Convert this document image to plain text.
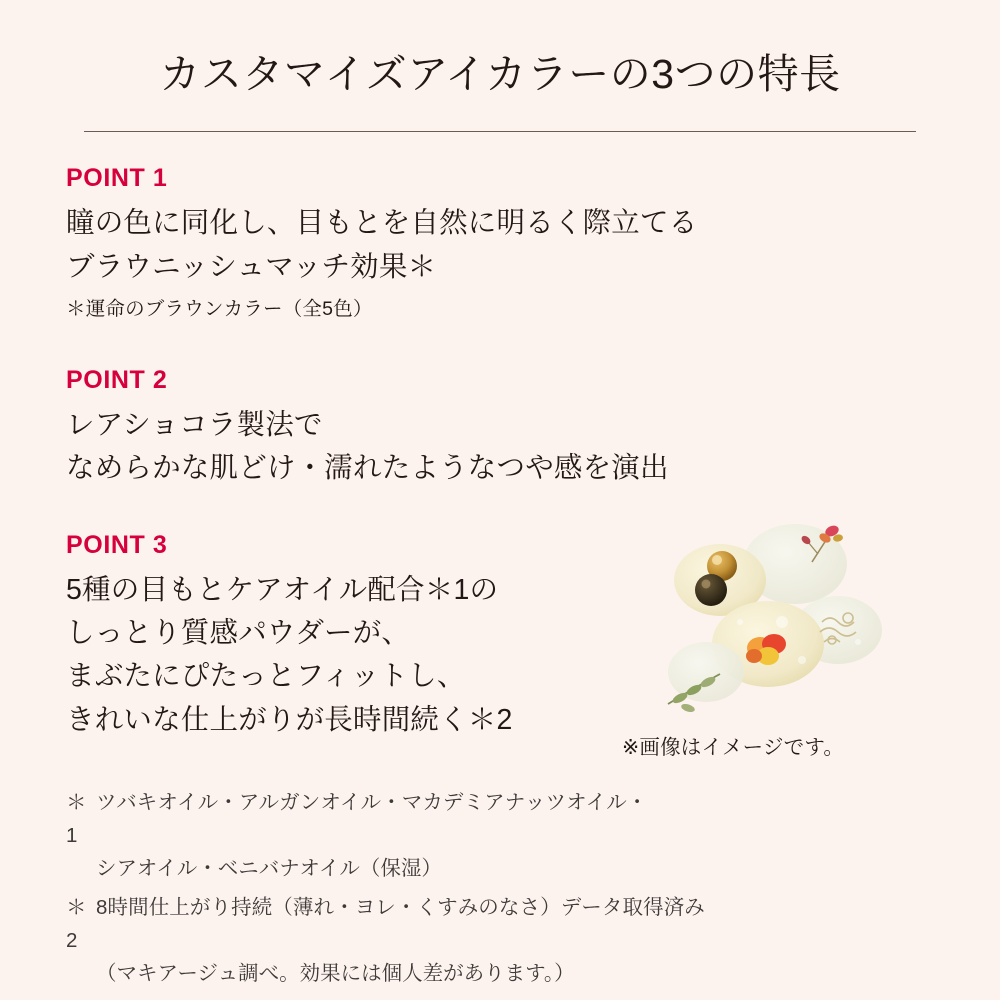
カスタマイズアイカラーの3つの特長

POINT 1

瞳の色に同化し、目もとを自然に明るく際立てる

ブラウニッシュマッチ効果＊

＊運命のブラウンカラー（全5色）

POINT 2

レアショコラ製法で

なめらかな肌どけ・濡れたようなつや感を演出

POINT 3

5種の目もとケアオイル配合＊1の

しっとり質感パウダーが、

まぶたにぴたっとフィットし、

きれいな仕上がりが長時間続く＊2

※画像はイメージです。
＊1
ツバキオイル・アルガンオイル・マカデミアナッツオイル・
シアオイル・ベニバナオイル（保湿）
＊2
8時間仕上がり持続（薄れ・ヨレ・くすみのなさ）データ取得済み
（マキアージュ調べ。効果には個人差があります。）
